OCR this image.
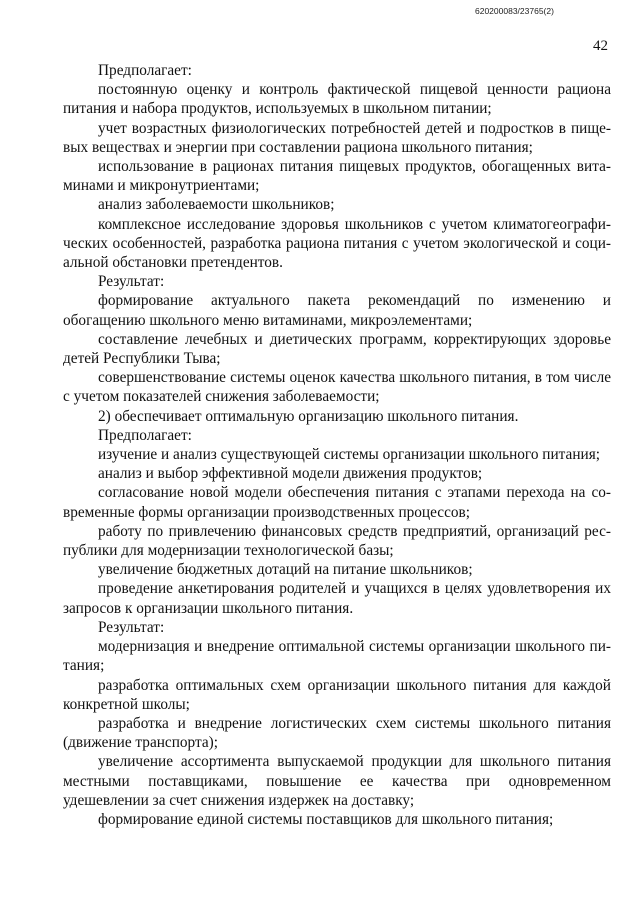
620200083/23765(2)
42

Предполагает:

постоянную оценку и контроль фактической пищевой ценности рациона питания и набора продуктов, используемых в школьном питании;

учет возрастных физиологических потребностей детей и подростков в пищевых веществах и энергии при составлении рациона школьного питания;

использование в рационах питания пищевых продуктов, обогащенных витаминами и микронутриентами;

анализ заболеваемости школьников;

комплексное исследование здоровья школьников с учетом климатогеографических особенностей, разработка рациона питания с учетом экологической и социальной обстановки претендентов.

Результат:

формирование актуального пакета рекомендаций по изменению и обогащению школьного меню витаминами, микроэлементами;

составление лечебных и диетических программ, корректирующих здоровье детей Республики Тыва;

совершенствование системы оценок качества школьного питания, в том числе с учетом показателей снижения заболеваемости;

2) обеспечивает оптимальную организацию школьного питания.

Предполагает:

изучение и анализ существующей системы организации школьного питания;

анализ и выбор эффективной модели движения продуктов;

согласование новой модели обеспечения питания с этапами перехода на современные формы организации производственных процессов;

работу по привлечению финансовых средств предприятий, организаций республики для модернизации технологической базы;

увеличение бюджетных дотаций на питание школьников;

проведение анкетирования родителей и учащихся в целях удовлетворения их запросов к организации школьного питания.

Результат:

модернизация и внедрение оптимальной системы организации школьного питания;

разработка оптимальных схем организации школьного питания для каждой конкретной школы;

разработка и внедрение логистических схем системы школьного питания (движение транспорта);

увеличение ассортимента выпускаемой продукции для школьного питания местными поставщиками, повышение ее качества при одновременном удешевлении за счет снижения издержек на доставку;

формирование единой системы поставщиков для школьного питания;
